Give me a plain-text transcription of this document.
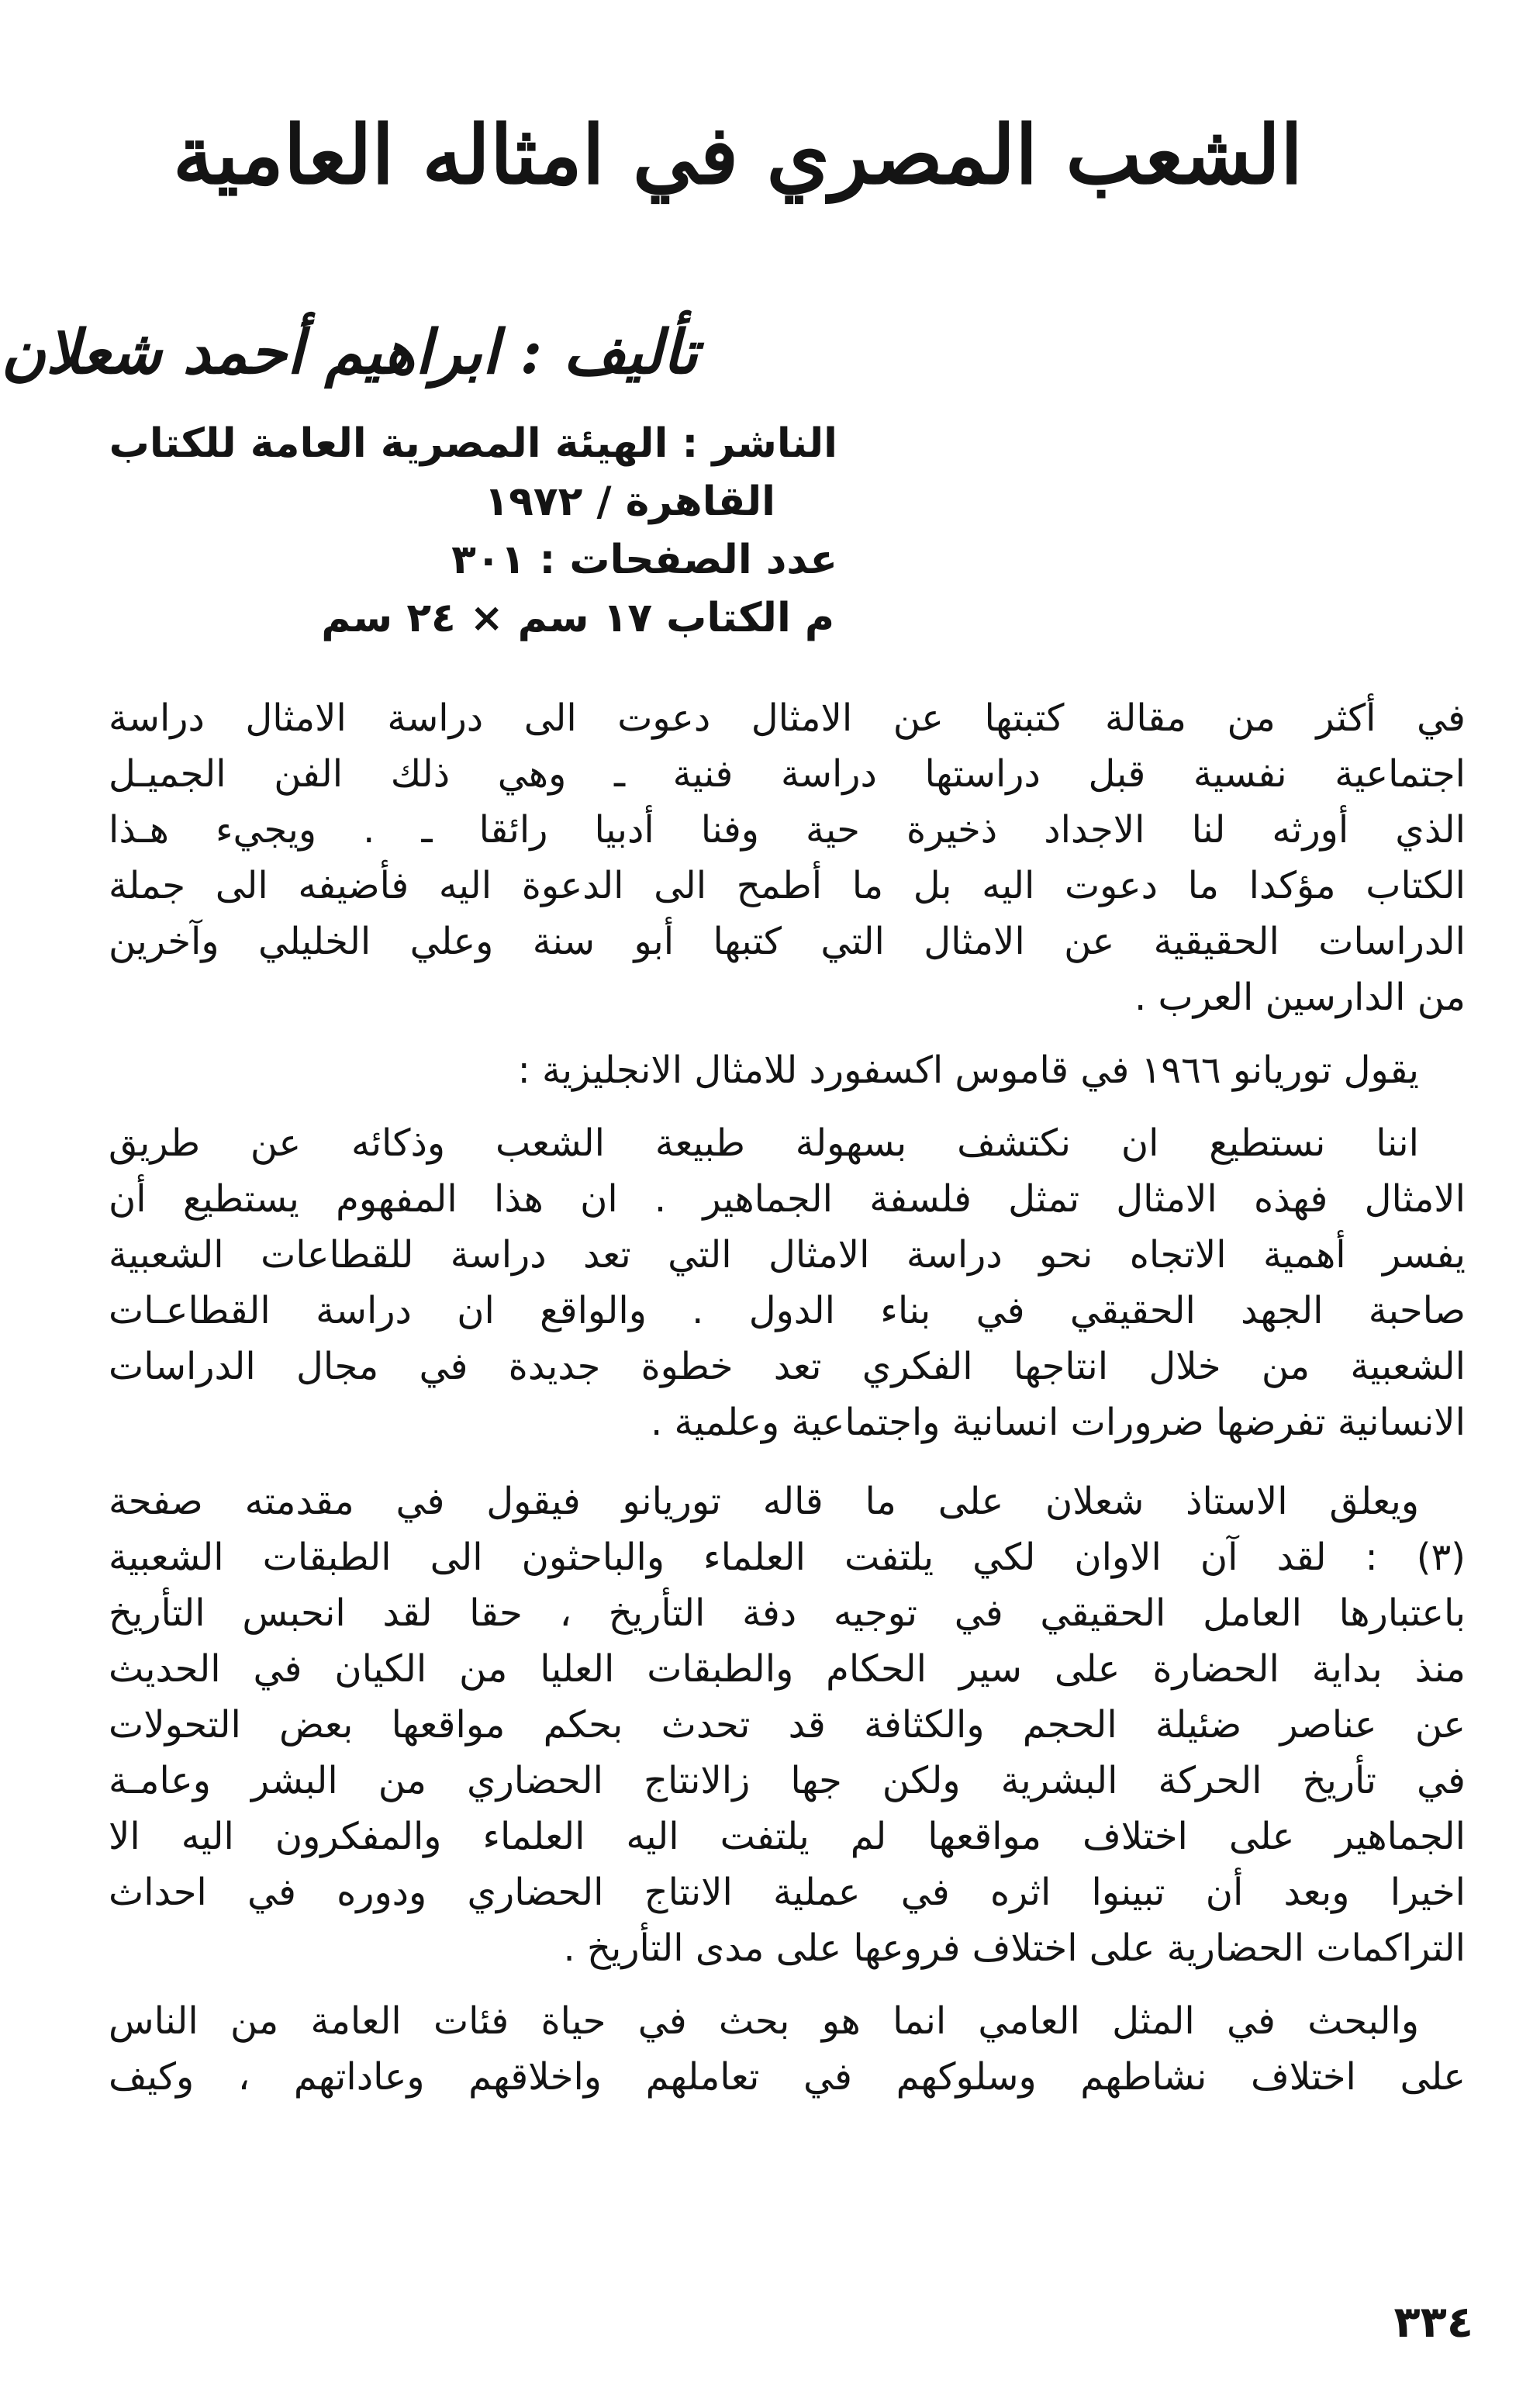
الشعب المصري في امثاله العامية
تأليف : ابراهيم أحمد شعلان
الناشر : الهيئة المصرية العامة للكتاب
القاهرة / ١٩٧٢
عدد الصفحات : ٣٠١
م الكتاب ١٧ سم × ٢٤ سم
في أكثر من مقالة كتبتها عن الامثال دعوت الى دراسة الامثال دراسة
اجتماعية نفسية قبل دراستها دراسة فنية ـ وهي ذلك الفن الجميـل
الذي أورثه لنا الاجداد ذخيرة حية وفنا أدبيا رائقا ـ . ويجيء هـذا
الكتاب مؤكدا ما دعوت اليه بل ما أطمح الى الدعوة اليه فأضيفه الى جملة
الدراسات الحقيقية عن الامثال التي كتبها أبو سنة وعلي الخليلي وآخرين
من الدارسين العرب .
يقول توريانو ١٩٦٦ في قاموس اكسفورد للامثال الانجليزية :
اننا نستطيع ان نكتشف بسهولة طبيعة الشعب وذكائه عن طريق
الامثال فهذه الامثال تمثل فلسفة الجماهير . ان هذا المفهوم يستطيع أن
يفسر أهمية الاتجاه نحو دراسة الامثال التي تعد دراسة للقطاعات الشعبية
صاحبة الجهد الحقيقي في بناء الدول . والواقع ان دراسة القطاعـات
الشعبية من خلال انتاجها الفكري تعد خطوة جديدة في مجال الدراسات
الانسانية تفرضها ضرورات انسانية واجتماعية وعلمية .
ويعلق الاستاذ شعلان على ما قاله توريانو فيقول في مقدمته صفحة
(٣) : لقد آن الاوان لكي يلتفت العلماء والباحثون الى الطبقات الشعبية
باعتبارها العامل الحقيقي في توجيه دفة التأريخ ، حقا لقد انحبس التأريخ
منذ بداية الحضارة على سير الحكام والطبقات العليا من الكيان في الحديث
عن عناصر ضئيلة الحجم والكثافة قد تحدث بحكم مواقعها بعض التحولات
في تأريخ الحركة البشرية ولكن جها زالانتاج الحضاري من البشر وعامـة
الجماهير على اختلاف مواقعها لم يلتفت اليه العلماء والمفكرون اليه الا
اخيرا وبعد أن تبينوا اثره في عملية الانتاج الحضاري ودوره في احداث
التراكمات الحضارية على اختلاف فروعها على مدى التأريخ .
والبحث في المثل العامي انما هو بحث في حياة فئات العامة من الناس
على اختلاف نشاطهم وسلوكهم في تعاملهم واخلاقهم وعاداتهم ، وكيف
٣٣٤
